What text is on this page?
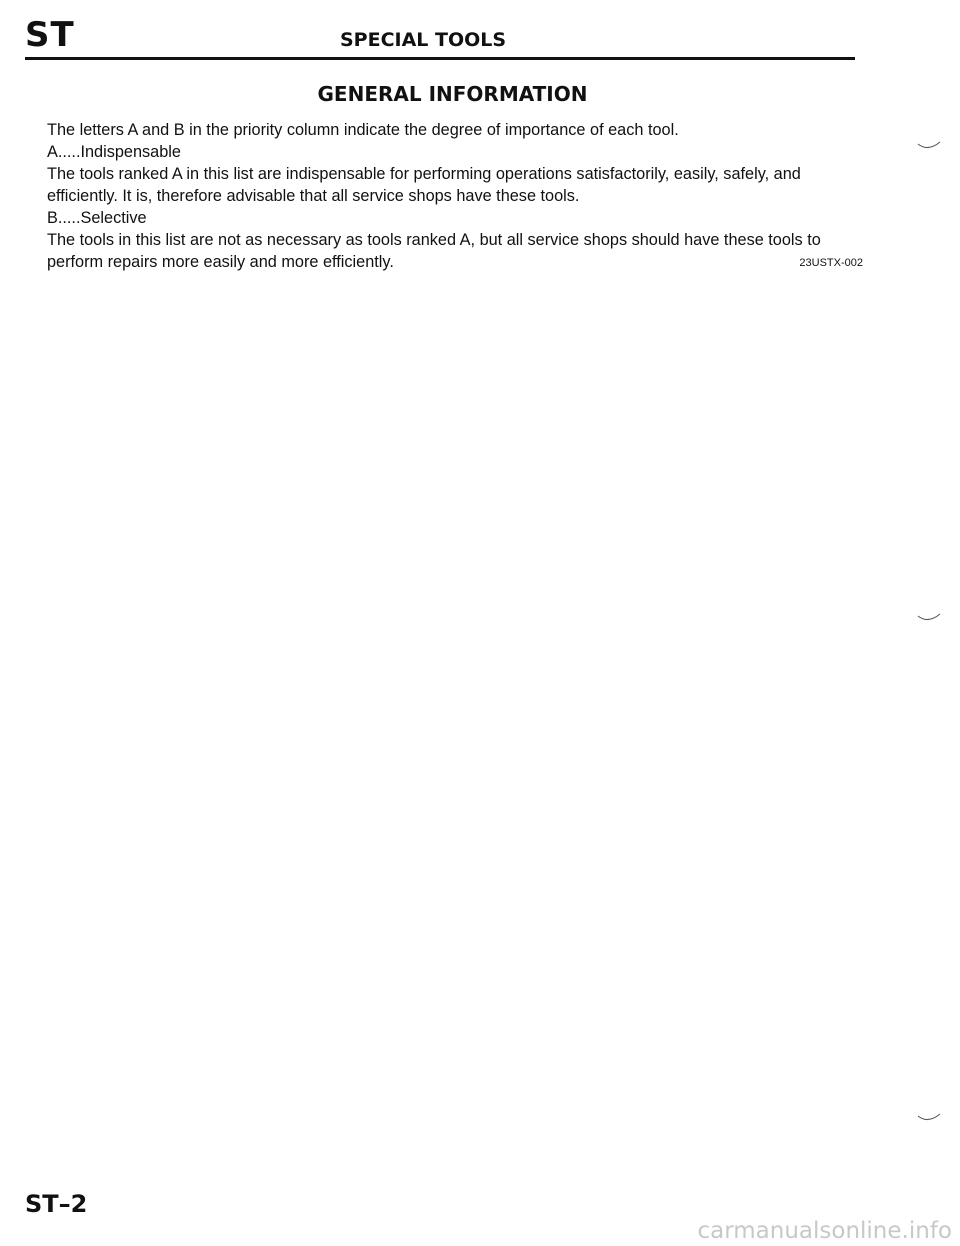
ST	SPECIAL TOOLS
GENERAL INFORMATION

The letters A and B in the priority column indicate the degree of importance of each tool.

A.....Indispensable

The tools ranked A in this list are indispensable for performing operations satisfactorily, easily, safely, and efficiently. It is, therefore advisable that all service shops have these tools.

B.....Selective

The tools in this list are not as necessary as tools ranked A, but all service shops should have these tools to perform repairs more easily and more efficiently.	23USTX-002
ST–2
carmanualsonline.info
